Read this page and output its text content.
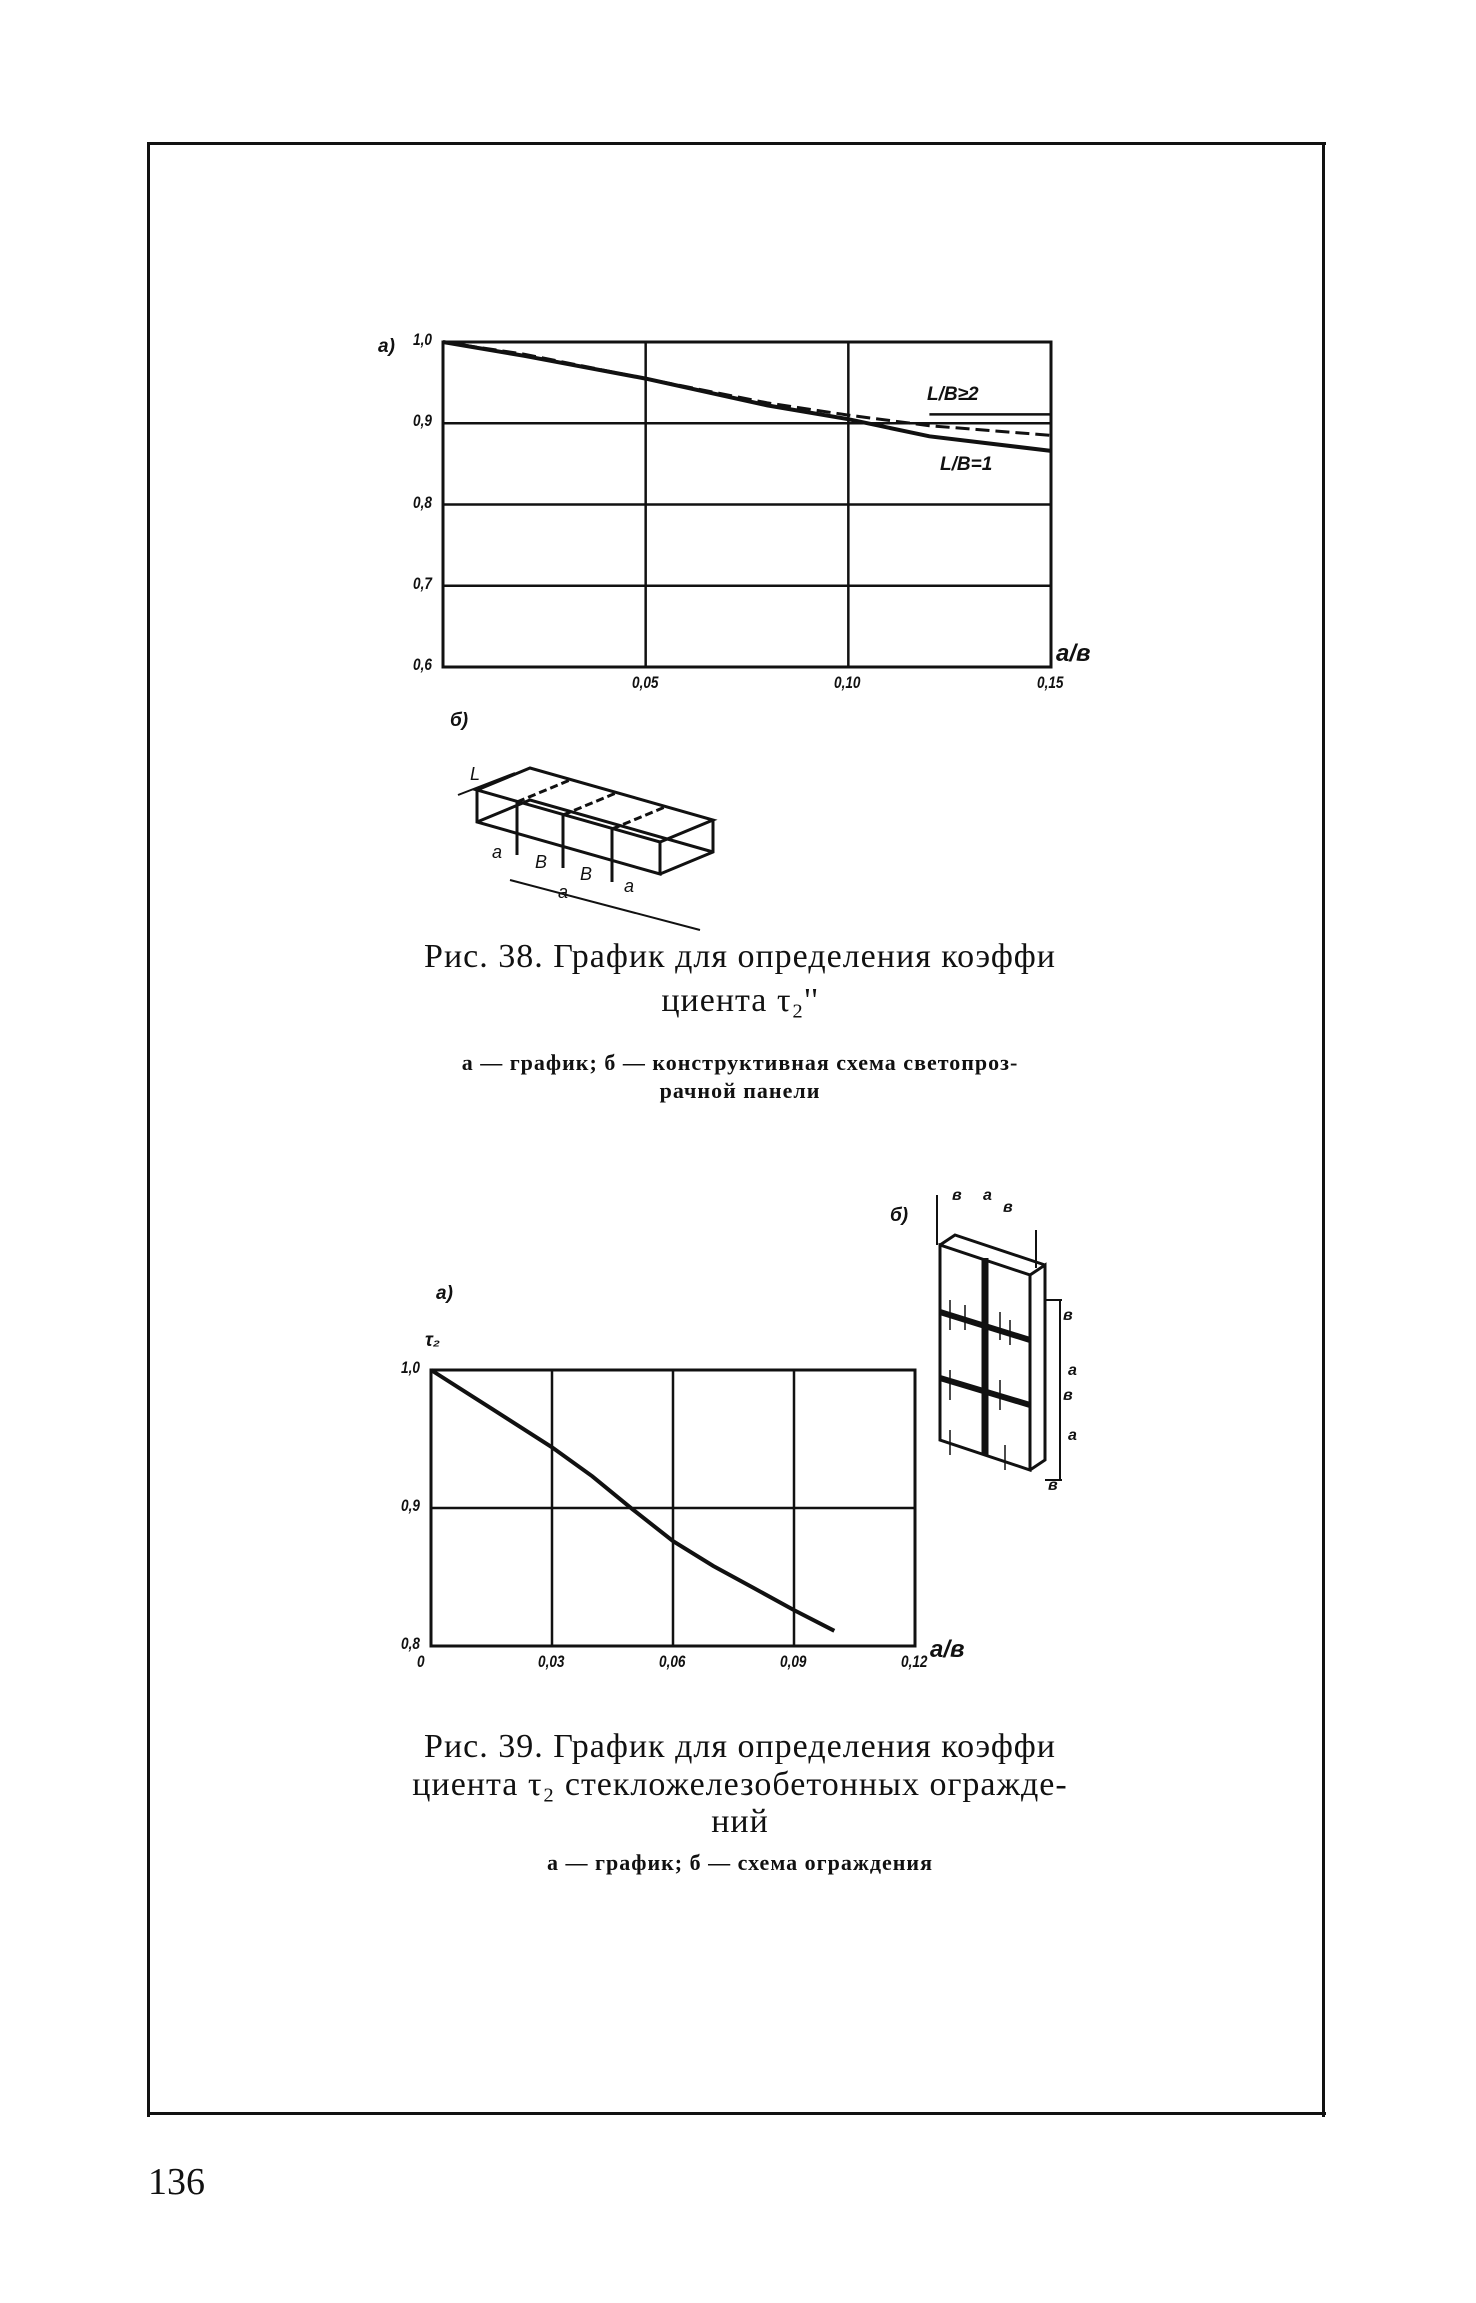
136
а)
L/В≥2
L/В=1
а/в
0,05	0,10	0,15
1,0
0,9
0,8
0,7
0,6
б)
L
а В
В
а
а
Рис. 38. График для определения коэффи
циента τ₂''
а — график; б — конструктивная схема светопроз-
рачной панели
а)
τ₂
а/в
0	0,03	0,06	0,09	0,12
1,0
0,9
0,8
б)
в а
в
в
а
в
а
в
Рис. 39. График для определения коэффи
циента τ₂ стекложелезобетонных огражде-
ний
а — график; б — схема ограждения
